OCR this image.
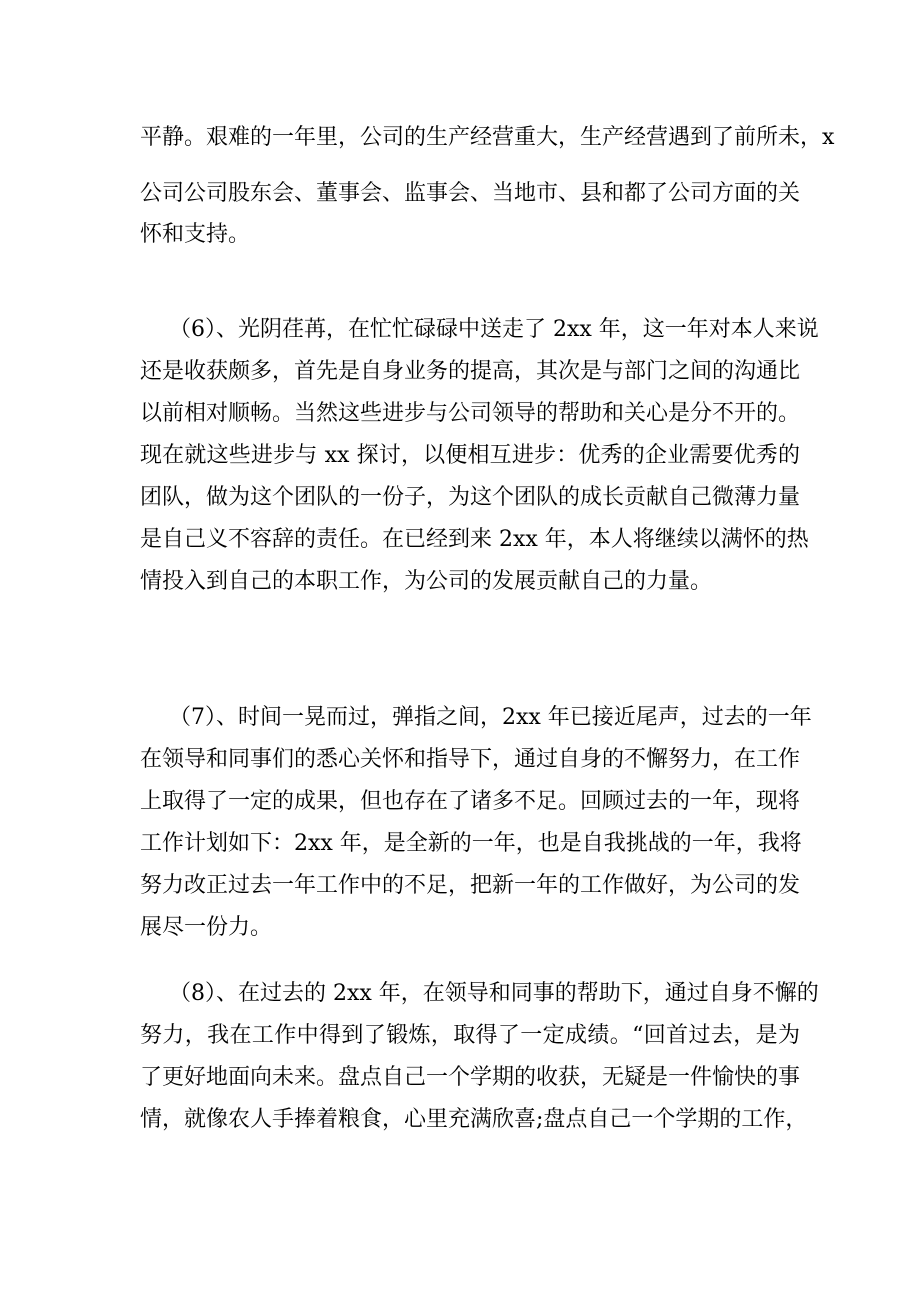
平静。艰难的一年里，公司的生产经营重大，生产经营遇到了前所未，x

公司公司股东会、董事会、监事会、当地市、县和都了公司方面的关

怀和支持。

（6）、光阴荏苒，在忙忙碌碌中送走了 2xx 年，这一年对本人来说

还是收获颇多，首先是自身业务的提高，其次是与部门之间的沟通比

以前相对顺畅。当然这些进步与公司领导的帮助和关心是分不开的。

现在就这些进步与 xx 探讨，以便相互进步：优秀的企业需要优秀的

团队，做为这个团队的一份子，为这个团队的成长贡献自己微薄力量

是自己义不容辞的责任。在已经到来 2xx 年，本人将继续以满怀的热

情投入到自己的本职工作，为公司的发展贡献自己的力量。

（7）、时间一晃而过，弹指之间，2xx 年已接近尾声，过去的一年

在领导和同事们的悉心关怀和指导下，通过自身的不懈努力，在工作

上取得了一定的成果，但也存在了诸多不足。回顾过去的一年，现将

工作计划如下：2xx 年，是全新的一年，也是自我挑战的一年，我将

努力改正过去一年工作中的不足，把新一年的工作做好，为公司的发

展尽一份力。

（8）、在过去的 2xx 年，在领导和同事的帮助下，通过自身不懈的

努力，我在工作中得到了锻炼，取得了一定成绩。“回首过去，是为

了更好地面向未来。盘点自己一个学期的收获，无疑是一件愉快的事

情，就像农人手捧着粮食，心里充满欣喜;盘点自己一个学期的工作，
